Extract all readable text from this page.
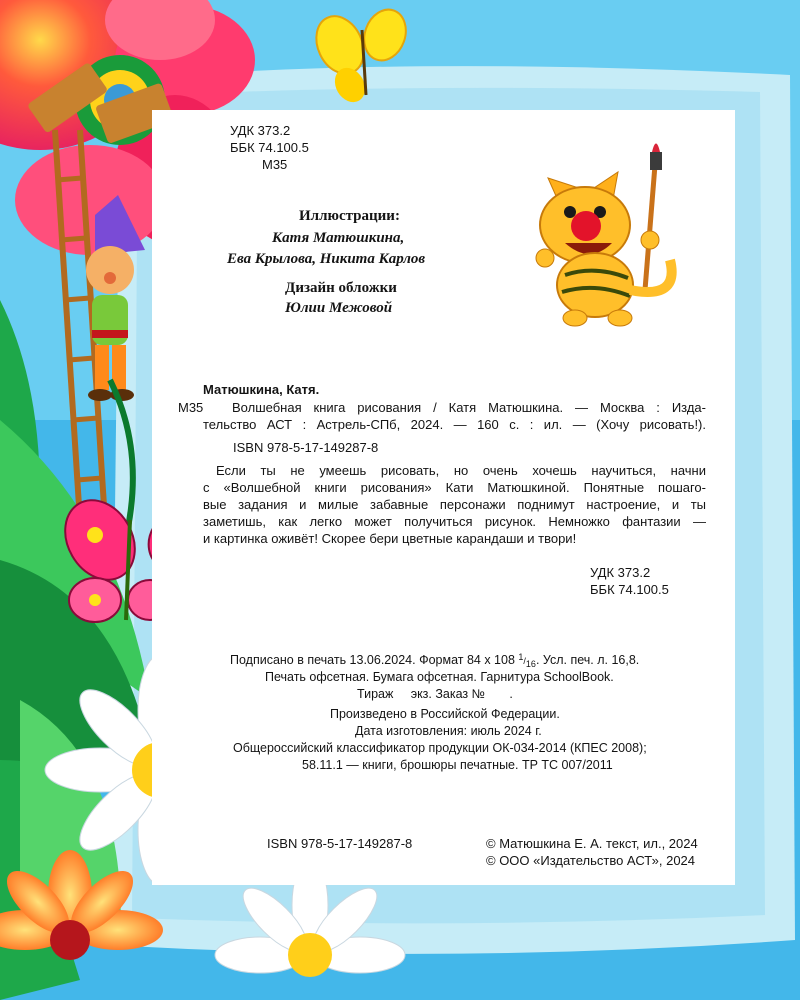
УДК 373.2
ББК 74.100.5
М35
Иллюстрации:
Катя Матюшкина,
Ева Крылова, Никита Карлов
Дизайн обложки
Юлии Межовой
Матюшкина, Катя.
М35 Волшебная книга рисования / Катя Матюшкина. — Москва : Изда-
тельство АСТ : Астрель-СПб, 2024. — 160 с. : ил. — (Хочу рисовать!).
ISBN 978-5-17-149287-8
Если ты не умеешь рисовать, но очень хочешь научиться, начни
с «Волшебной книги рисования» Кати Матюшкиной. Понятные пошаго-
вые задания и милые забавные персонажи поднимут настроение, и ты
заметишь, как легко может получиться рисунок. Немножко фантазии —
и картинка оживёт! Скорее бери цветные карандаши и твори!
УДК 373.2
ББК 74.100.5
Подписано в печать 13.06.2024. Формат 84 x 108 1/16. Усл. печ. л. 16,8.
Печать офсетная. Бумага офсетная. Гарнитура SchoolBook.
Тираж     экз. Заказ №       .
Произведено в Российской Федерации.
Дата изготовления: июль 2024 г.
Общероссийский классификатор продукции ОК-034-2014 (КПЕС 2008);
58.11.1 — книги, брошюры печатные. ТР ТС 007/2011
ISBN 978-5-17-149287-8	© Матюшкина Е. А. текст, ил., 2024
© ООО «Издательство АСТ», 2024
